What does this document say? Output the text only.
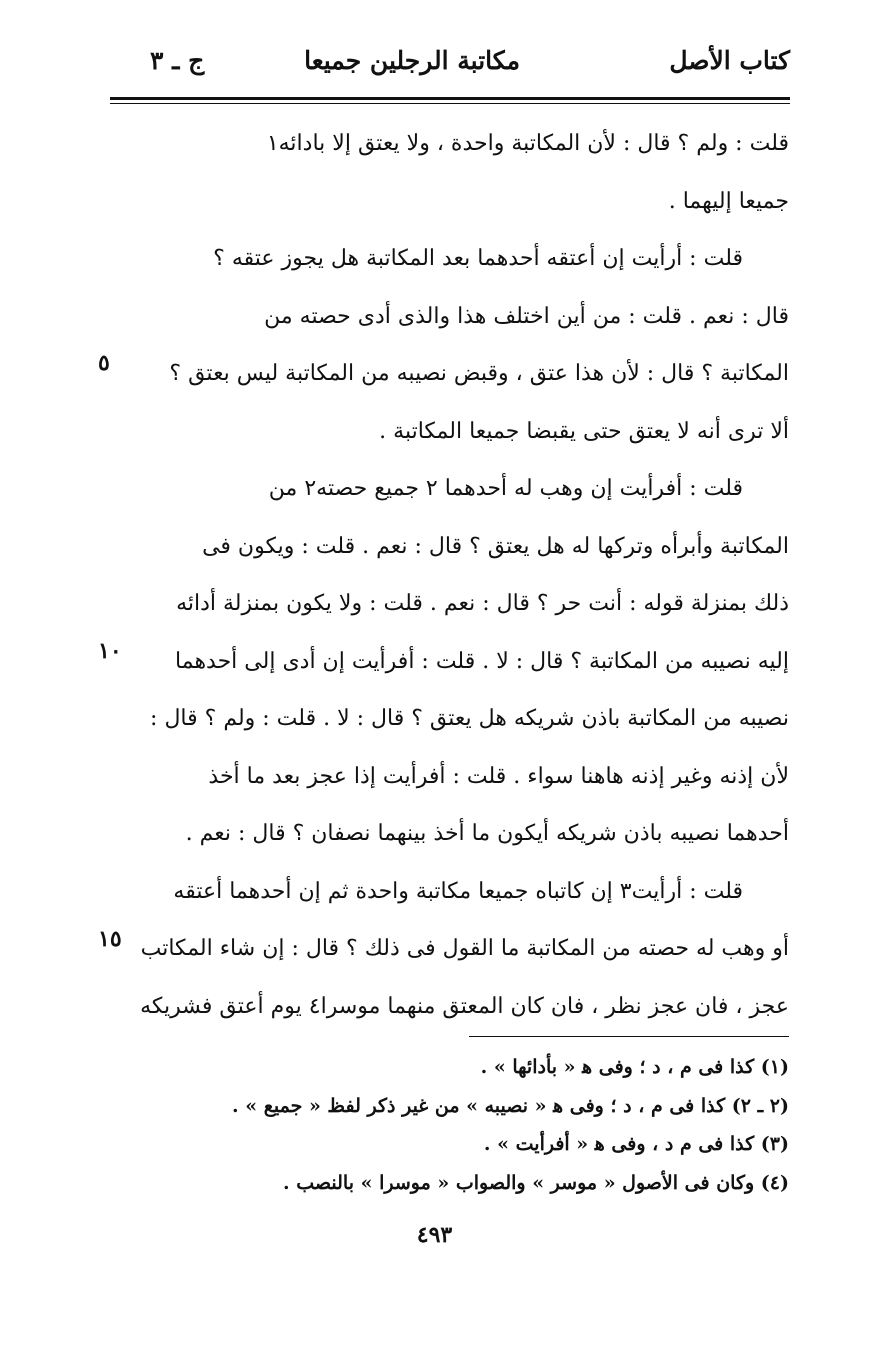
كتاب الأصل
مكاتبة الرجلين جميعا
ج ـ ٣

قلت : ولم ؟ قال : لأن المكاتبة واحدة ، ولا يعتق إلا بادائه١
جميعا إليهما .

قلت : أرأيت إن أعتقه أحدهما بعد المكاتبة هل يجوز عتقه ؟
قال : نعم . قلت : من أين اختلف هذا والذى أدى حصته من
المكاتبة ؟ قال : لأن هذا عتق ، وقبض نصيبه من المكاتبة ليس بعتق ؟
ألا ترى أنه لا يعتق حتى يقبضا جميعا المكاتبة .

قلت : أفرأيت إن وهب له أحدهما ٢ جميع حصته٢ من
المكاتبة وأبرأه وتركها له هل يعتق ؟ قال : نعم . قلت : ويكون فى
ذلك بمنزلة قوله : أنت حر ؟ قال : نعم . قلت : ولا يكون بمنزلة أدائه
إليه نصيبه من المكاتبة ؟ قال : لا . قلت : أفرأيت إن أدى إلى أحدهما
نصيبه من المكاتبة باذن شريكه هل يعتق ؟ قال : لا . قلت : ولم ؟ قال :
لأن إذنه وغير إذنه هاهنا سواء . قلت : أفرأيت إذا عجز بعد ما أخذ
أحدهما نصيبه باذن شريكه أيكون ما أخذ بينهما نصفان ؟ قال : نعم .

قلت : أرأيت٣ إن كاتباه جميعا مكاتبة واحدة ثم إن أحدهما أعتقه
أو وهب له حصته من المكاتبة ما القول فى ذلك ؟ قال : إن شاء المكاتب
عجز ، فان عجز نظر ، فان كان المعتق منهما موسرا٤ يوم أعتق فشريكه

٥
١٠
١٥
(١) كذا فى م ، د ؛ وفى ﻫ « بأدائها » .
(٢ ـ ٢) كذا فى م ، د ؛ وفى ﻫ « نصيبه » من غير ذكر لفظ « جميع » .
(٣) كذا فى م د ، وفى ﻫ « أفرأيت » .
(٤) وكان فى الأصول « موسر » والصواب « موسرا » بالنصب .
٤٩٣
